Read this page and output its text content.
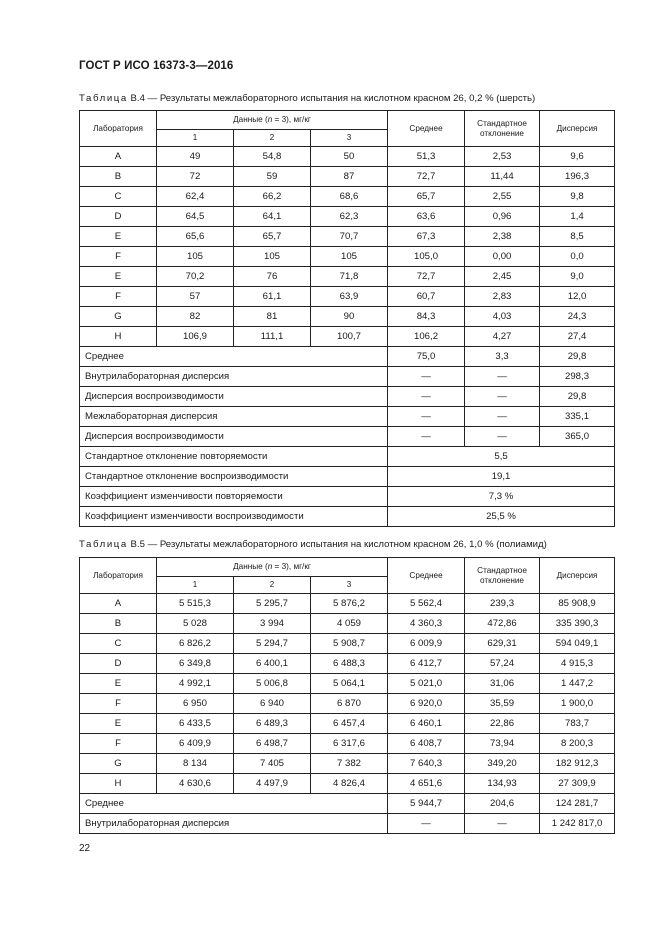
ГОСТ Р ИСО 16373-3—2016
Таблица В.4 — Результаты межлабораторного испытания на кислотном красном 26, 0,2 % (шерсть)
Лаборатория	Данные (n = 3), мг/кг			Среднее	Стандартное
отклонение	Дисперсия
	1	2	3			
A	49	54,8	50	51,3	2,53	9,6
B	72	59	87	72,7	11,44	196,3
C	62,4	66,2	68,6	65,7	2,55	9,8
D	64,5	64,1	62,3	63,6	0,96	1,4
E	65,6	65,7	70,7	67,3	2,38	8,5
F	105	105	105	105,0	0,00	0,0
E	70,2	76	71,8	72,7	2,45	9,0
F	57	61,1	63,9	60,7	2,83	12,0
G	82	81	90	84,3	4,03	24,3
H	106,9	111,1	100,7	106,2	4,27	27,4
Среднее				75,0	3,3	29,8
Внутрилабораторная дисперсия				—	—	298,3
Дисперсия воспроизводимости				—	—	29,8
Межлабораторная дисперсия				—	—	335,1
Дисперсия воспроизводимости				—	—	365,0
Стандартное отклонение повторяемости				5,5		
Стандартное отклонение воспроизводимости				19,1		
Коэффициент изменчивости повторяемости				7,3 %		
Коэффициент изменчивости воспроизводимости				25,5 %		
Таблица В.5 — Результаты межлабораторного испытания на кислотном красном 26, 1,0 % (полиамид)
Лаборатория	Данные (n = 3), мг/кг			Среднее	Стандартное
отклонение	Дисперсия
	1	2	3			
A	5 515,3	5 295,7	5 876,2	5 562,4	239,3	85 908,9
B	5 028	3 994	4 059	4 360,3	472,86	335 390,3
C	6 826,2	5 294,7	5 908,7	6 009,9	629,31	594 049,1
D	6 349,8	6 400,1	6 488,3	6 412,7	57,24	4 915,3
E	4 992,1	5 006,8	5 064,1	5 021,0	31,06	1 447,2
F	6 950	6 940	6 870	6 920,0	35,59	1 900,0
E	6 433,5	6 489,3	6 457,4	6 460,1	22,86	783,7
F	6 409,9	6 498,7	6 317,6	6 408,7	73,94	8 200,3
G	8 134	7 405	7 382	7 640,3	349,20	182 912,3
H	4 630,6	4 497,9	4 826,4	4 651,6	134,93	27 309,9
Среднее				5 944,7	204,6	124 281,7
Внутрилабораторная дисперсия				—	—	1 242 817,0
22
